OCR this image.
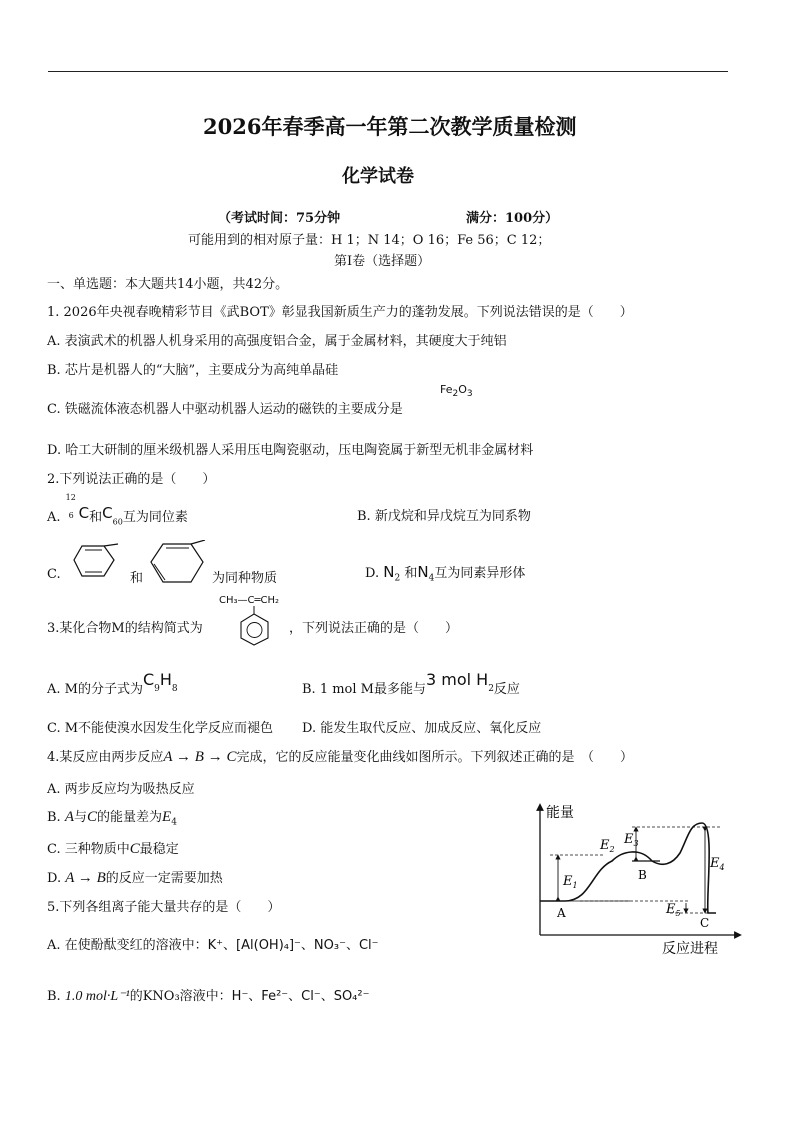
2026年春季高一年第二次教学质量检测
化学试卷
（考试时间：75分钟	满分：100分）
可能用到的相对原子量：H 1；N 14；O 16；Fe 56；C 12；
第Ⅰ卷（选择题）
一、单选题：本大题共14小题，共42分。
1. 2026年央视春晚精彩节目《武BOT》彰显我国新质生产力的蓬勃发展。下列说法错误的是（　　）
A. 表演武术的机器人机身采用的高强度铝合金，属于金属材料，其硬度大于纯铝
B. 芯片是机器人的“大脑”，主要成分为高纯单晶硅
C. 铁磁流体液态机器人中驱动机器人运动的磁铁的主要成分是
$Fe_2O_3$
D. 哈工大研制的厘米级机器人采用压电陶瓷驱动，压电陶瓷属于新型无机非金属材料
2.下列说法正确的是（　　）
A.
12
6 C和$C_{60}$互为同位素	B. 新戊烷和异戊烷互为同系物
C.	和	为同种物质	D. $N_2$ 和$N_4$互为同素异形体
3.某化合物M的结构简式为
CH₃—C═CH₂
，下列说法正确的是（　　）
A. M的分子式为$C_9H_8$	B. 1 mol M最多能与3 mol $H_2$反应
C. M不能使溴水因发生化学反应而褪色 D. 能发生取代反应、加成反应、氧化反应
4.某反应由两步反应A → B → C完成，它的反应能量变化曲线如图所示。下列叙述正确的是　（　　）
A. 两步反应均为吸热反应
B. A与C的能量差为$E_4$
C. 三种物质中C最稳定
D. A → B的反应一定需要加热
能量
反应进程
A
B
C
$E_1$
$E_2$
$E_3$
$E_4$
$E_5$
5.下列各组离子能大量共存的是（　　）
A. 在使酚酞变红的溶液中：K⁺、[Al(OH)₄]⁻、NO₃⁻、Cl⁻
B. 1.0 mol·L⁻¹的KNO₃溶液中：H⁻、Fe²⁻、Cl⁻、SO₄²⁻
